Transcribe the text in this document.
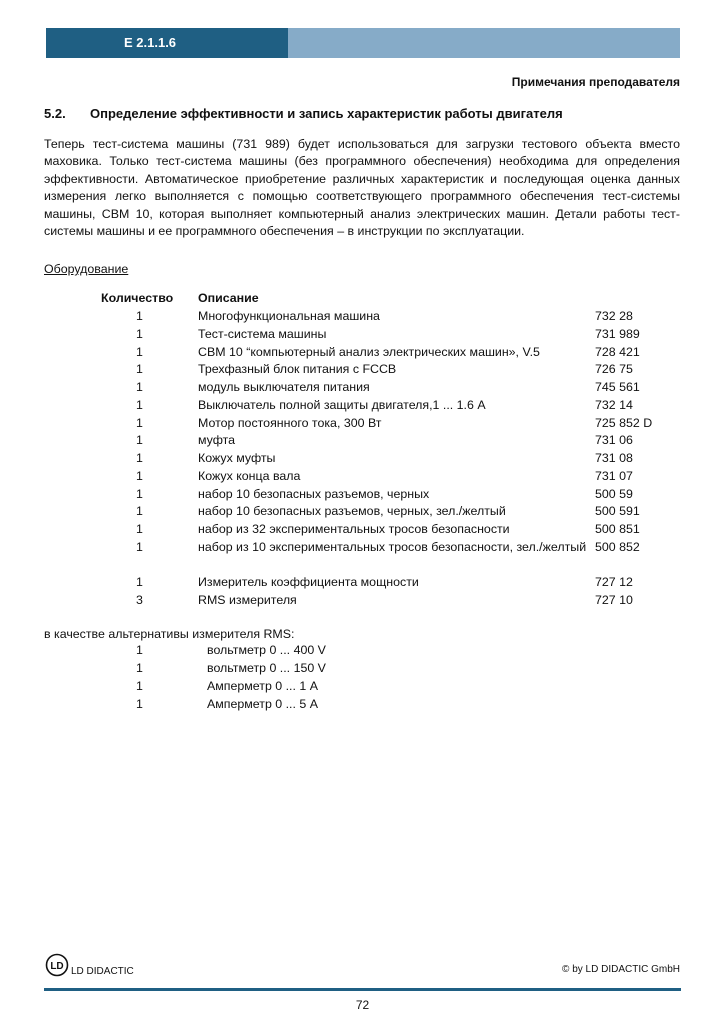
E 2.1.1.6
Примечания преподавателя
5.2. Определение эффективности и запись характеристик работы двигателя

Теперь тест-система машины (731 989) будет использоваться для загрузки тестового объекта вместо маховика. Только тест-система машины (без программного обеспечения) необходима для определения эффективности. Автоматическое приобретение различных характеристик и последующая оценка данных измерения легко выполняется с помощью соответствующего программного обеспечения тест-системы машины, CBM 10, которая выполняет компьютерный анализ электрических машин. Детали работы тест-системы машины и ее программного обеспечения – в инструкции по эксплуатации.

Оборудование
Количество Описание
1	Многофункциональная машина	732 28
1	Тест-система машины	731 989
1	CBM 10 “компьютерный анализ электрических машин», V.5	728 421
1	Трехфазный блок питания с FCCB	726 75
1	модуль выключателя питания	745 561
1	Выключатель полной защиты двигателя,1 ... 1.6 A	732 14
1	Мотор постоянного тока, 300 Вт	725 852 D
1	муфта	731 06
1	Кожух муфты	731 08
1	Кожух конца вала	731 07
1	набор 10 безопасных разъемов, черных	500 59
1	набор 10 безопасных разъемов, черных, зел./желтый	500 591
1	набор из 32 экспериментальных тросов безопасности	500 851
1	набор из 10 экспериментальных тросов безопасности, зел./желтый 500 852
1	Измеритель коэффициента мощности	727 12
3	RMS измерителя	727 10
в качестве альтернативы измерителя RMS:
1	вольтметр 0 ... 400 V
1	вольтметр 0 ... 150 V
1	Амперметр 0 ... 1 A
1	Амперметр 0 ... 5 A
LD LD DIDACTIC	© by LD DIDACTIC GmbH
72
